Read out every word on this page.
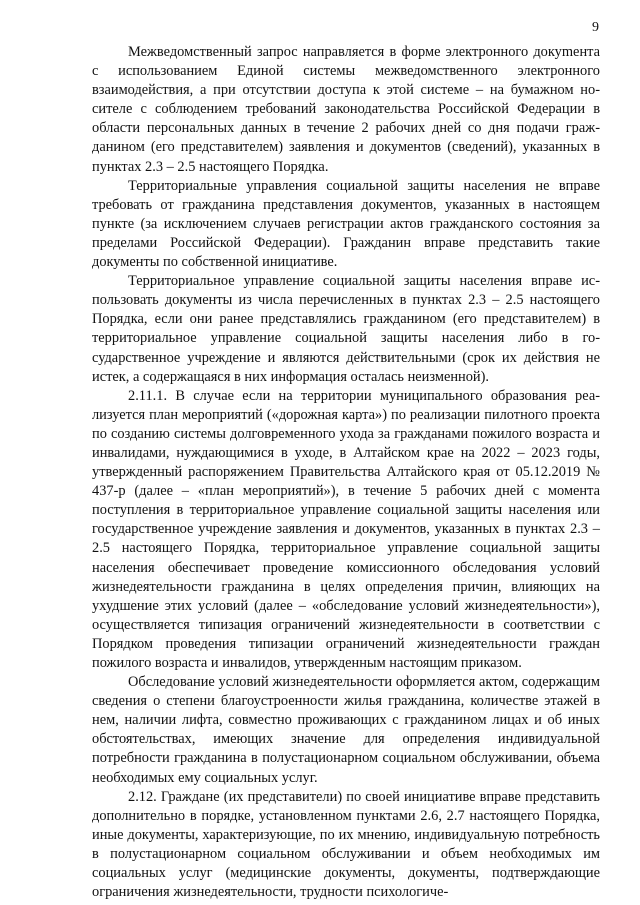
9

Межведомственный запрос направляется в форме электронного докуmента с использованием Единой системы межведомственного электронного взаимодействия, а при отсутствии доступа к этой системе – на бумажном носителе с соблюдением требований законодательства Российской Федерации в области персональных данных в течение 2 рабочих дней со дня подачи гражданином (его представителем) заявления и документов (сведений), указанных в пунктах 2.3 – 2.5 настоящего Порядка.

Территориальные управления социальной защиты населения не вправе требовать от гражданина представления документов, указанных в настоящем пункте (за исключением случаев регистрации актов гражданского состояния за пределами Российской Федерации). Гражданин вправе представить такие документы по собственной инициативе.

Территориальное управление социальной защиты населения вправе использовать документы из числа перечисленных в пунктах 2.3 – 2.5 настоящего Порядка, если они ранее представлялись гражданином (его представителем) в территориальное управление социальной защиты населения либо в государственное учреждение и являются действительными (срок их действия не истек, а содержащаяся в них информация осталась неизменной).

2.11.1. В случае если на территории муниципального образования реализуется план мероприятий («дорожная карта») по реализации пилотного проекта по созданию системы долговременного ухода за гражданами пожилого возраста и инвалидами, нуждающимися в уходе, в Алтайском крае на 2022 – 2023 годы, утвержденный распоряжением Правительства Алтайского края от 05.12.2019 № 437-р (далее – «план мероприятий»), в течение 5 рабочих дней с момента поступления в территориальное управление социальной защиты населения или государственное учреждение заявления и документов, указанных в пунктах 2.3 – 2.5 настоящего Порядка, территориальное управление социальной защиты населения обеспечивает проведение комиссионного обследования условий жизнедеятельности гражданина в целях определения причин, влияющих на ухудшение этих условий (далее – «обследование условий жизнедеятельности»), осуществляется типизация ограничений жизнедеятельности в соответствии с Порядком проведения типизации ограничений жизнедеятельности граждан пожилого возраста и инвалидов, утвержденным настоящим приказом.

Обследование условий жизнедеятельности оформляется актом, содержащим сведения о степени благоустроенности жилья гражданина, количестве этажей в нем, наличии лифта, совместно проживающих с гражданином лицах и об иных обстоятельствах, имеющих значение для определения индивидуальной потребности гражданина в полустационарном социальном обслуживании, объема необходимых ему социальных услуг.

2.12. Граждане (их представители) по своей инициативе вправе представить дополнительно в порядке, установленном пунктами 2.6, 2.7 настоящего Порядка, иные документы, характеризующие, по их мнению, индивидуальную потребность в полустационарном социальном обслуживании и объем необходимых им социальных услуг (медицинские документы, документы, подтверждающие ограничения жизнедеятельности, трудности психологиче-
